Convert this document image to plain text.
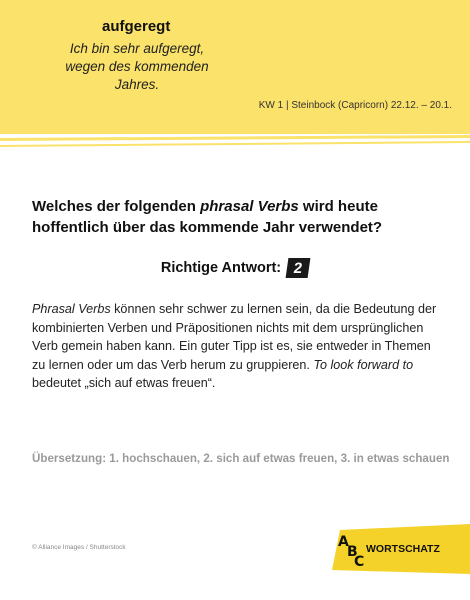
aufgeregt
Ich bin sehr aufgeregt, wegen des kommenden Jahres.
KW 1 | Steinbock (Capricorn) 22.12. – 20.1.
Welches der folgenden phrasal Verbs wird heute hoffentlich über das kommende Jahr verwendet?
Richtige Antwort: 2
Phrasal Verbs können sehr schwer zu lernen sein, da die Bedeutung der kombinierten Verben und Präpositionen nichts mit dem ursprünglichen Verb gemein haben kann. Ein guter Tipp ist es, sie entweder in Themen zu lernen oder um das Verb herum zu gruppieren. To look forward to bedeutet „sich auf etwas freuen“.
Übersetzung: 1. hochschauen, 2. sich auf etwas freuen, 3. in etwas schauen
© Alliance Images / Shutterstock	A
B
C
WORTSCHATZ
